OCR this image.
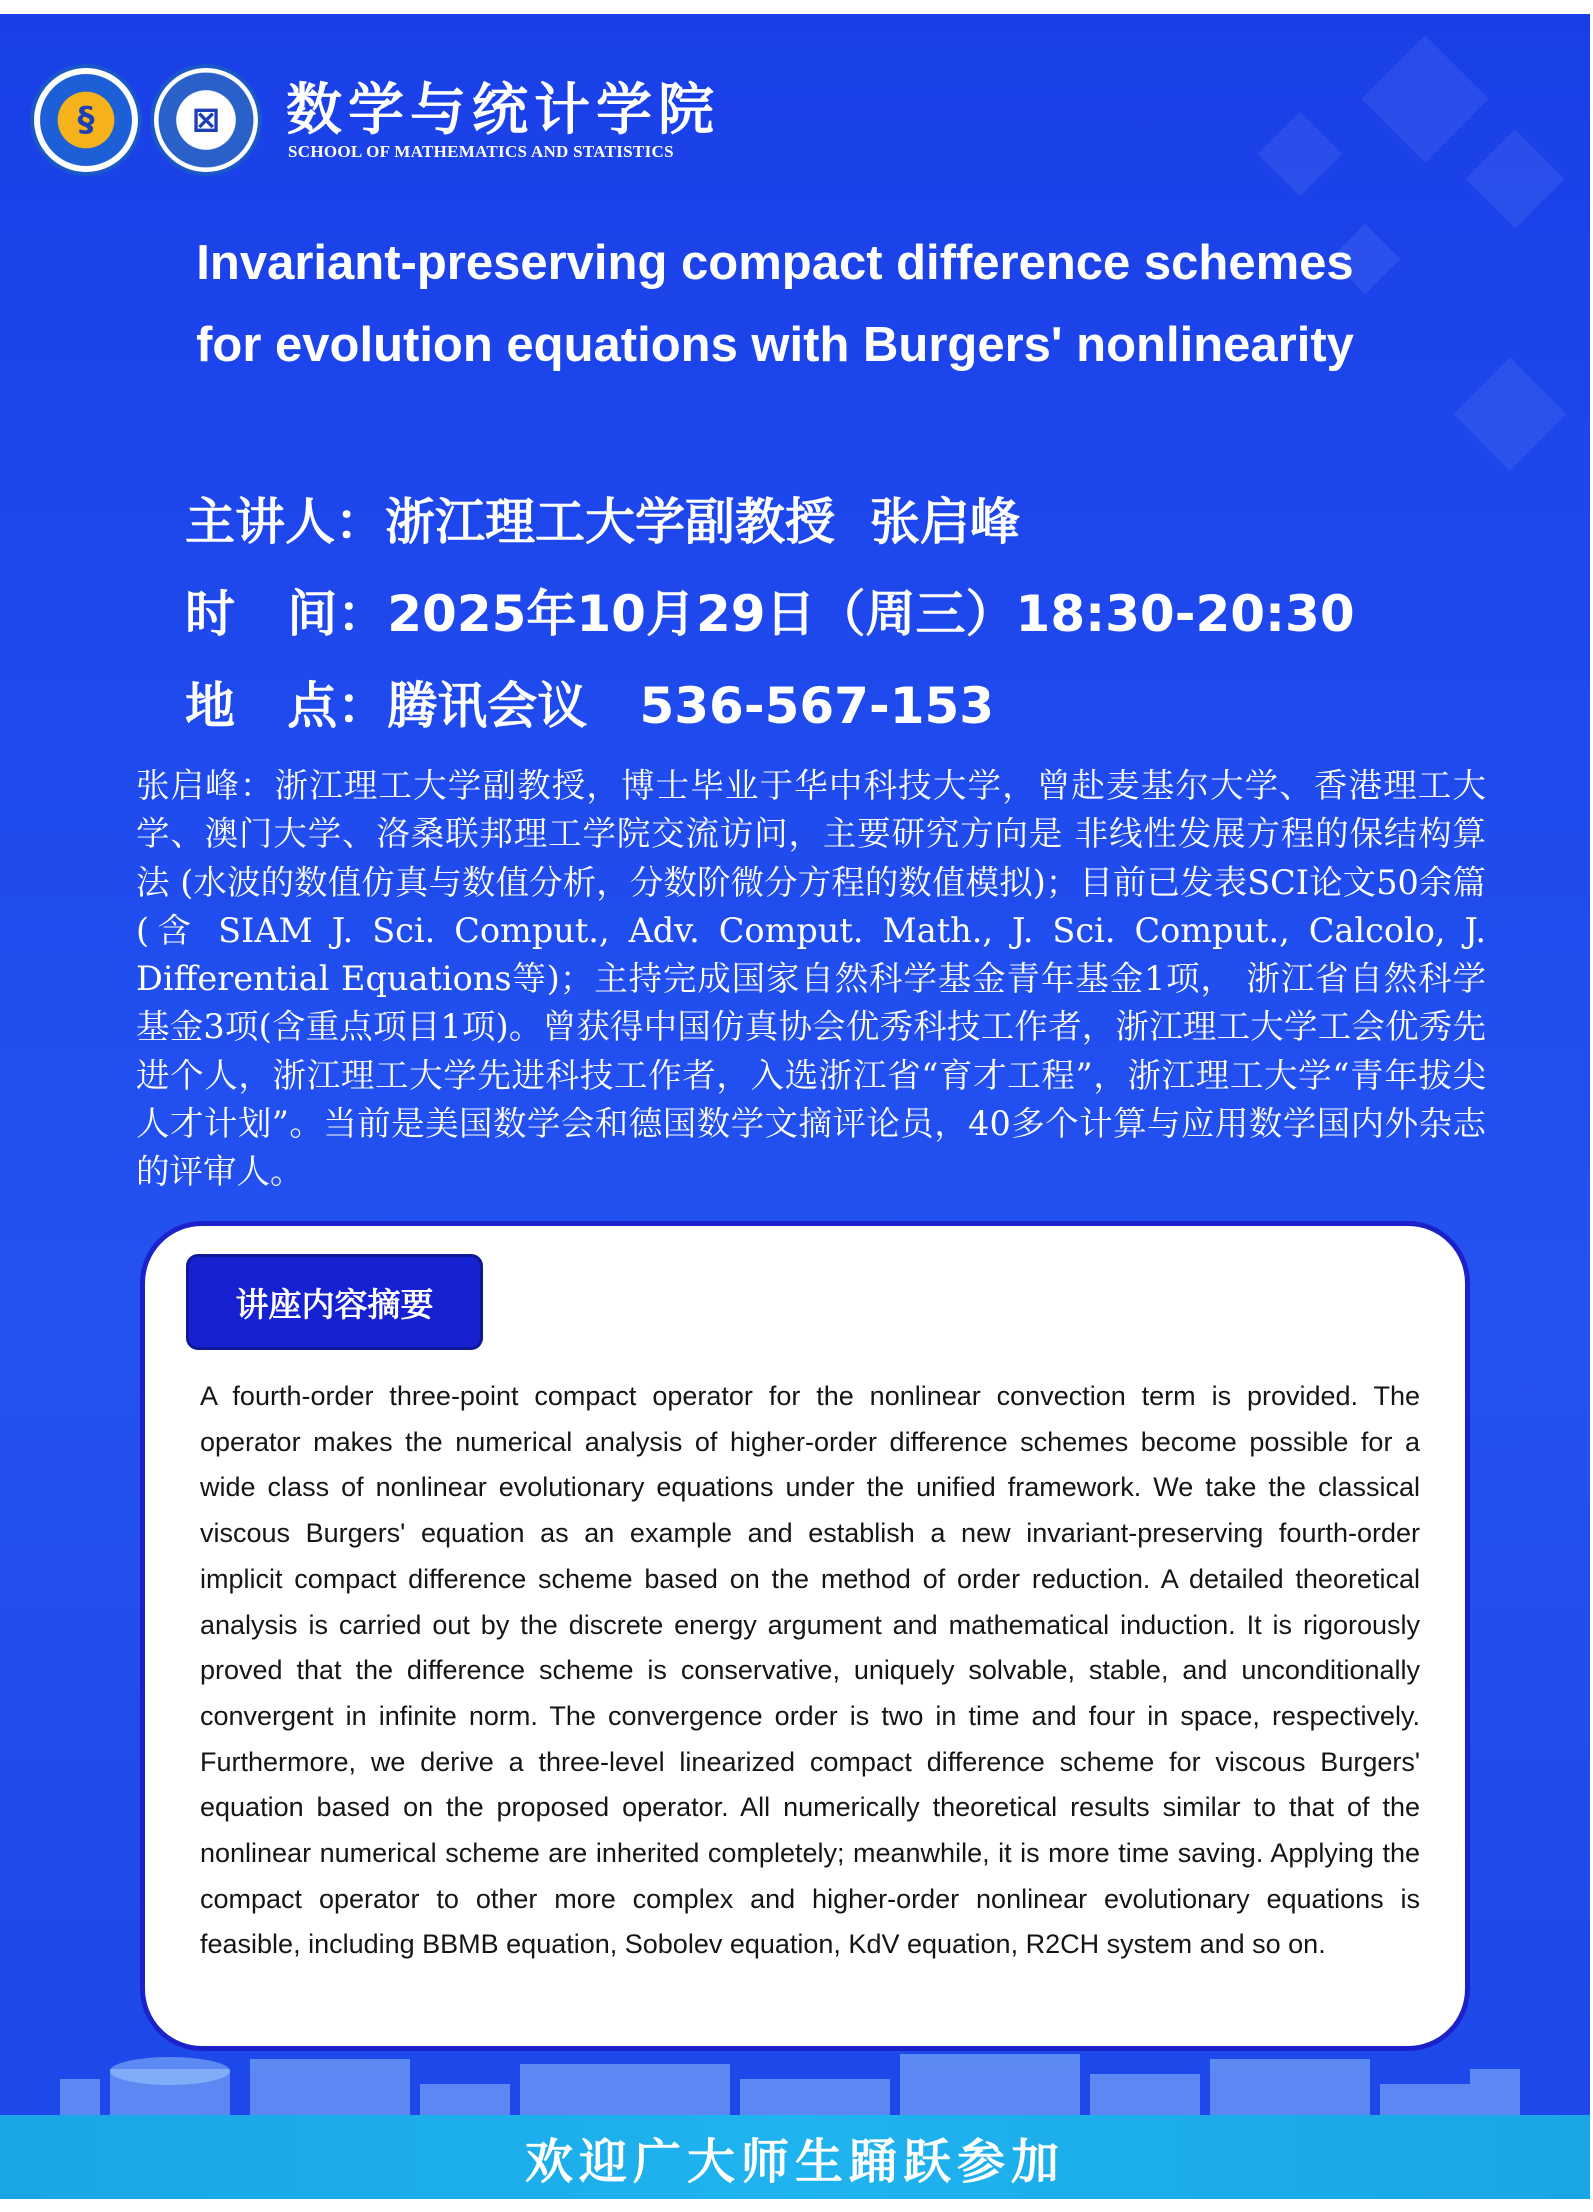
§	⊠	数学与统计学院
SCHOOL OF MATHEMATICS AND STATISTICS
Invariant-preserving compact difference schemes
for evolution equations with Burgers' nonlinearity
主讲人：浙江理工大学副教授  张启峰
时   间：2025年10月29日（周三）18:30-20:30
地   点：腾讯会议   536-567-153
张启峰：浙江理工大学副教授，博士毕业于华中科技大学，曾赴麦基尔大学、香港理工大学、澳门大学、洛桑联邦理工学院交流访问，主要研究方向是 非线性发展方程的保结构算法 (水波的数值仿真与数值分析，分数阶微分方程的数值模拟)；目前已发表SCI论文50余篇(含 SIAM J. Sci. Comput., Adv. Comput. Math., J. Sci. Comput., Calcolo, J. Differential Equations等)；主持完成国家自然科学基金青年基金1项， 浙江省自然科学基金3项(含重点项目1项)。曾获得中国仿真协会优秀科技工作者，浙江理工大学工会优秀先进个人，浙江理工大学先进科技工作者，入选浙江省“育才工程”，浙江理工大学“青年拔尖人才计划”。当前是美国数学会和德国数学文摘评论员，40多个计算与应用数学国内外杂志的评审人。
讲座内容摘要
A fourth-order three-point compact operator for the nonlinear convection term is provided. The operator makes the numerical analysis of higher-order difference schemes become possible for a wide class of nonlinear evolutionary equations under the unified framework. We take the classical viscous Burgers' equation as an example and establish a new invariant-preserving fourth-order implicit compact difference scheme based on the method of order reduction. A detailed theoretical analysis is carried out by the discrete energy argument and mathematical induction. It is rigorously proved that the difference scheme is conservative, uniquely solvable, stable, and unconditionally convergent in infinite norm. The convergence order is two in time and four in space, respectively. Furthermore, we derive a three-level linearized compact difference scheme for viscous Burgers' equation based on the proposed operator. All numerically theoretical results similar to that of the nonlinear numerical scheme are inherited completely; meanwhile, it is more time saving. Applying the compact operator to other more complex and higher-order nonlinear evolutionary equations is feasible, including BBMB equation, Sobolev equation, KdV equation, R2CH system and so on.
欢迎广大师生踊跃参加
